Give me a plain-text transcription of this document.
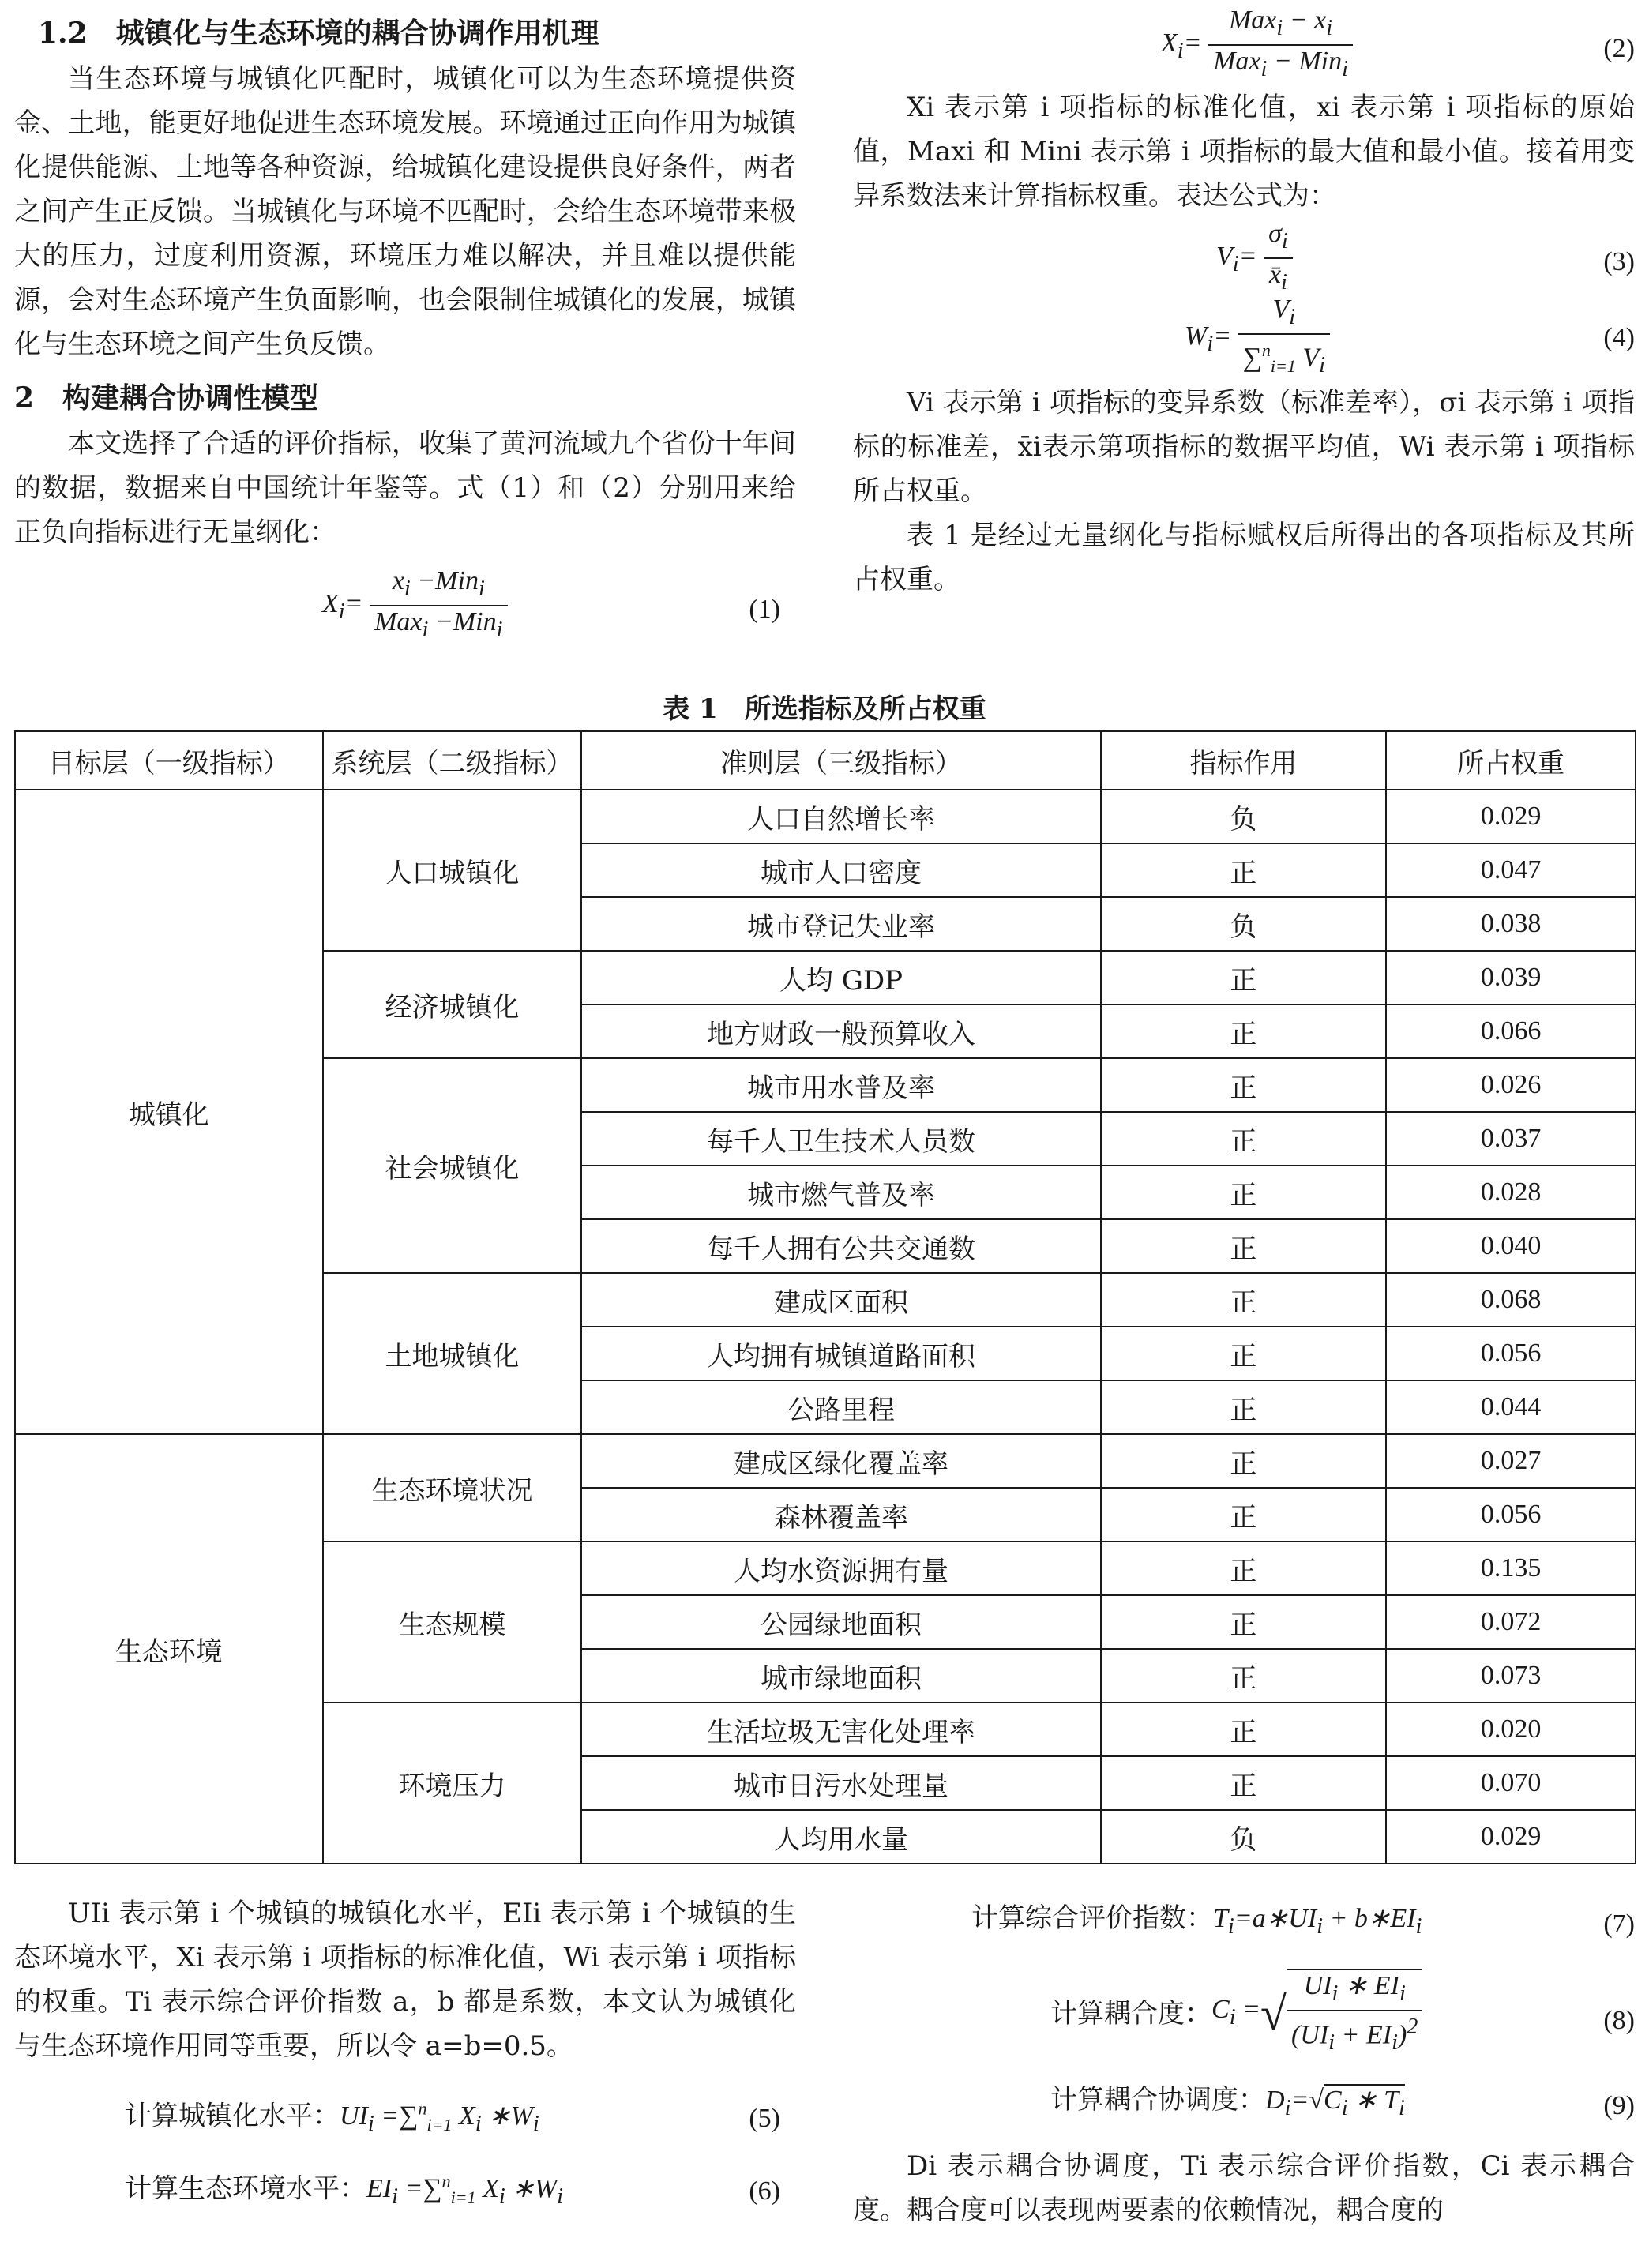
1.2　城镇化与生态环境的耦合协调作用机理

当生态环境与城镇化匹配时，城镇化可以为生态环境提供资金、土地，能更好地促进生态环境发展。环境通过正向作用为城镇化提供能源、土地等各种资源，给城镇化建设提供良好条件，两者之间产生正反馈。当城镇化与环境不匹配时，会给生态环境带来极大的压力，过度利用资源，环境压力难以解决，并且难以提供能源，会对生态环境产生负面影响，也会限制住城镇化的发展，城镇化与生态环境之间产生负反馈。

2　构建耦合协调性模型

本文选择了合适的评价指标，收集了黄河流域九个省份十年间的数据，数据来自中国统计年鉴等。式（1）和（2）分别用来给正负向指标进行无量纲化：

$X_i= \frac{x_i -Min_i}{Max_i -Min_i}$	(1)
$X_i= \frac{Max_i - x_i}{Max_i - Min_i}$	(2)

Xi 表示第 i 项指标的标准化值，xi 表示第 i 项指标的原始值，Maxi 和 Mini 表示第 i 项指标的最大值和最小值。接着用变异系数法来计算指标权重。表达公式为：

$V_i= \frac{\sigma_i}{x̄_i}$	(3)
$W_i= \frac{V_i}{\sum^n_{i=1} V_i}$	(4)

Vi 表示第 i 项指标的变异系数（标准差率），σi 表示第 i 项指标的标准差，x̄i表示第项指标的数据平均值，Wi 表示第 i 项指标所占权重。

表 1 是经过无量纲化与指标赋权后所得出的各项指标及其所占权重。

表 1　所选指标及所占权重
目标层（一级指标）	系统层（二级指标）	准则层（三级指标）	指标作用	所占权重
城镇化	人口城镇化	人口自然增长率	负	0.029
		城市人口密度	正	0.047
		城市登记失业率	负	0.038
	经济城镇化	人均 GDP	正	0.039
		地方财政一般预算收入	正	0.066
	社会城镇化	城市用水普及率	正	0.026
		每千人卫生技术人员数	正	0.037
		城市燃气普及率	正	0.028
		每千人拥有公共交通数	正	0.040
	土地城镇化	建成区面积	正	0.068
		人均拥有城镇道路面积	正	0.056
		公路里程	正	0.044
生态环境	生态环境状况	建成区绿化覆盖率	正	0.027
		森林覆盖率	正	0.056
	生态规模	人均水资源拥有量	正	0.135
		公园绿地面积	正	0.072
		城市绿地面积	正	0.073
	环境压力	生活垃圾无害化处理率	正	0.020
		城市日污水处理量	正	0.070
		人均用水量	负	0.029

UIi 表示第 i 个城镇的城镇化水平，EIi 表示第 i 个城镇的生态环境水平，Xi 表示第 i 项指标的标准化值，Wi 表示第 i 项指标的权重。Ti 表示综合评价指数 a，b 都是系数，本文认为城镇化与生态环境作用同等重要，所以令 a=b=0.5。

计算城镇化水平：$UI_i =\sum^n_{i=1}$ $X_i$ $∗W_i$	(5)
计算生态环境水平：$EI_i =\sum^n_{i=1}$ $X_i$ $∗W_i$	(6)
计算综合评价指数：$T_i=a∗UI_i$ + $b∗EI_i$	(7)
计算耦合度：$C_i$ =√ $\frac{UI_i ∗ EI_i}{(UI_i + EI_i)^2}$	(8)
计算耦合协调度：$D_i=√C_i$ ∗ $T_i$	(9)

Di 表示耦合协调度，Ti 表示综合评价指数，Ci 表示耦合度。耦合度可以表现两要素的依赖情况，耦合度的
